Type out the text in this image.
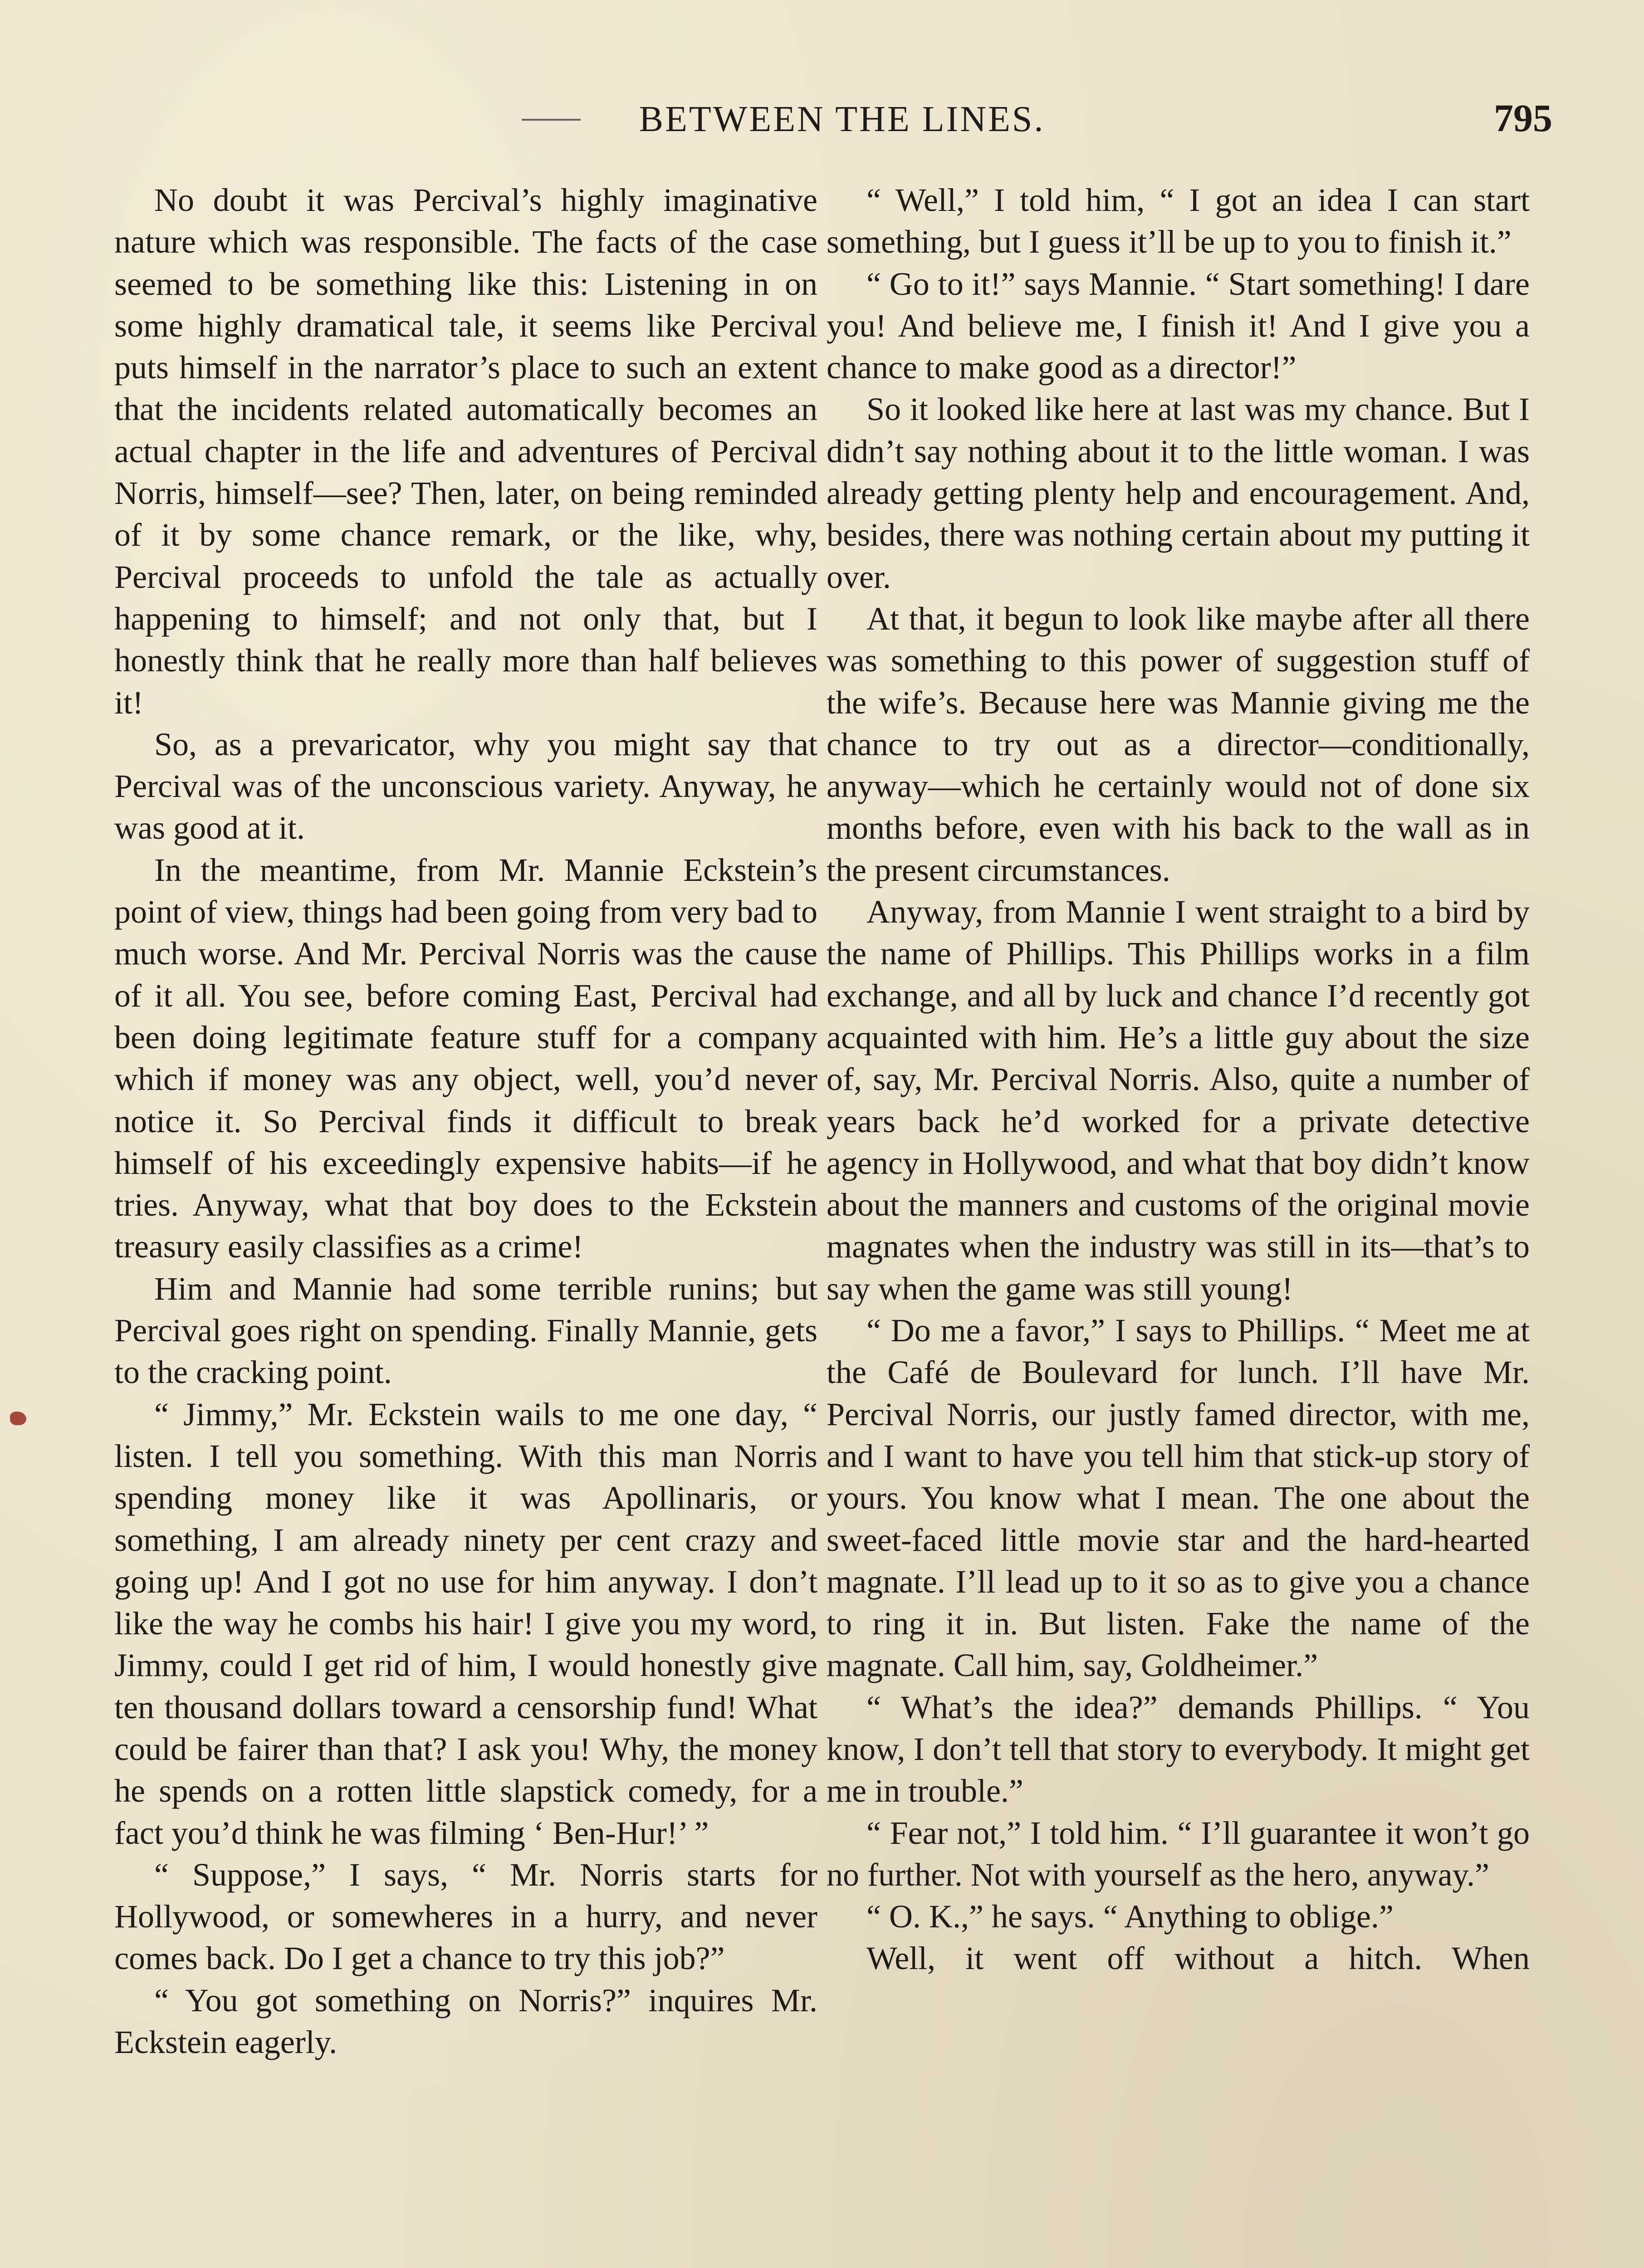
BETWEEN THE LINES.	795

No doubt it was Percival’s highly imaginative nature which was responsible. The facts of the case seemed to be something like this: Listening in on some highly dramatical tale, it seems like Percival puts himself in the narrator’s place to such an extent that the incidents related automatically becomes an actual chapter in the life and adventures of Percival Norris, himself—see? Then, later, on being reminded of it by some chance remark, or the like, why, Percival proceeds to unfold the tale as actually happening to himself; and not only that, but I honestly think that he really more than half believes it!

So, as a prevaricator, why you might say that Percival was of the unconscious variety. Anyway, he was good at it.

In the meantime, from Mr. Mannie Eckstein’s point of view, things had been going from very bad to much worse. And Mr. Percival Norris was the cause of it all. You see, before coming East, Percival had been doing legitimate feature stuff for a company which if money was any object, well, you’d never notice it. So Percival finds it difficult to break himself of his exceedingly expensive habits—if he tries. Anyway, what that boy does to the Eckstein treasury easily classifies as a crime!

Him and Mannie had some terrible runins; but Percival goes right on spending. Finally Mannie, gets to the cracking point.

“ Jimmy,” Mr. Eckstein wails to me one day, “ listen. I tell you something. With this man Norris spending money like it was Apollinaris, or something, I am already ninety per cent crazy and going up! And I got no use for him anyway. I don’t like the way he combs his hair! I give you my word, Jimmy, could I get rid of him, I would honestly give ten thousand dollars toward a censorship fund! What could be fairer than that? I ask you! Why, the money he spends on a rotten little slapstick comedy, for a fact you’d think he was filming ‘ Ben-Hur!’ ”

“ Suppose,” I says, “ Mr. Norris starts for Hollywood, or somewheres in a hurry, and never comes back. Do I get a chance to try this job?”

“ You got something on Norris?” inquires Mr. Eckstein eagerly.

“ Well,” I told him, “ I got an idea I can start something, but I guess it’ll be up to you to finish it.”

“ Go to it!” says Mannie. “ Start something! I dare you! And believe me, I finish it! And I give you a chance to make good as a director!”

So it looked like here at last was my chance. But I didn’t say nothing about it to the little woman. I was already getting plenty help and encouragement. And, besides, there was nothing certain about my putting it over.

At that, it begun to look like maybe after all there was something to this power of suggestion stuff of the wife’s. Because here was Mannie giving me the chance to try out as a director—conditionally, anyway—which he certainly would not of done six months before, even with his back to the wall as in the present circumstances.

Anyway, from Mannie I went straight to a bird by the name of Phillips. This Phillips works in a film exchange, and all by luck and chance I’d recently got acquainted with him. He’s a little guy about the size of, say, Mr. Percival Norris. Also, quite a number of years back he’d worked for a private detective agency in Hollywood, and what that boy didn’t know about the manners and customs of the original movie magnates when the industry was still in its—that’s to say when the game was still young!

“ Do me a favor,” I says to Phillips. “ Meet me at the Café de Boulevard for lunch. I’ll have Mr. Percival Norris, our justly famed director, with me, and I want to have you tell him that stick-up story of yours. You know what I mean. The one about the sweet-faced little movie star and the hard-hearted magnate. I’ll lead up to it so as to give you a chance to ring it in. But listen. Fake the name of the magnate. Call him, say, Goldheimer.”

“ What’s the idea?” demands Phillips. “ You know, I don’t tell that story to everybody. It might get me in trouble.”

“ Fear not,” I told him. “ I’ll guarantee it won’t go no further. Not with yourself as the hero, anyway.”

“ O. K.,” he says. “ Anything to oblige.”

Well, it went off without a hitch. When
